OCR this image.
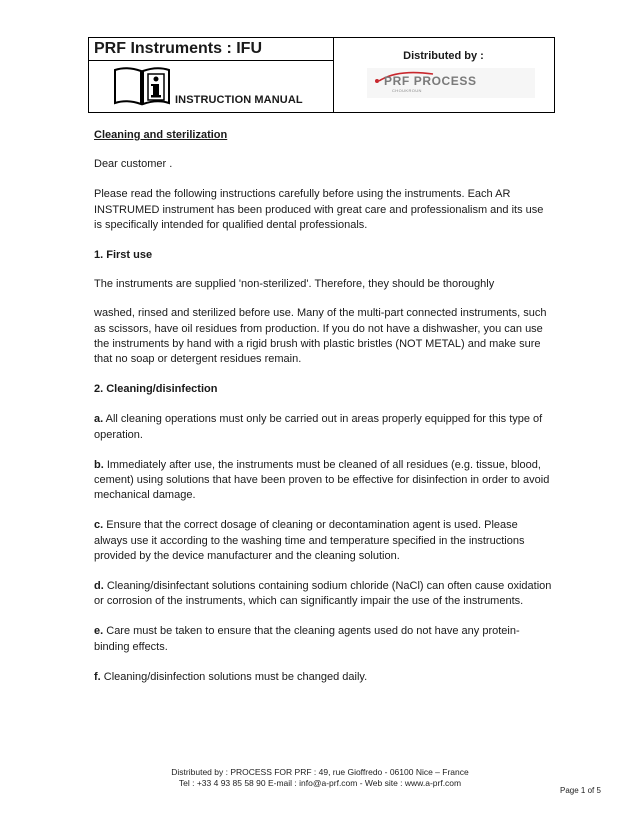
PRF Instruments : IFU
INSTRUCTION MANUAL
Distributed by :
PRF PROCESS
CHOUKROUN

Cleaning and sterilization

Dear customer .

Please read the following instructions carefully before using the instruments. Each AR INSTRUMED instrument has been produced with great care and professionalism and its use is specifically intended for qualified dental professionals.

1. First use

The instruments are supplied 'non-sterilized'. Therefore, they should be thoroughly

washed, rinsed and sterilized before use. Many of the multi-part connected instruments, such as scissors, have oil residues from production. If you do not have a dishwasher, you can use the instruments by hand with a rigid brush with plastic bristles (NOT METAL) and make sure that no soap or detergent residues remain.

2. Cleaning/disinfection

a. All cleaning operations must only be carried out in areas properly equipped for this type of operation.

b. Immediately after use, the instruments must be cleaned of all residues (e.g. tissue, blood, cement) using solutions that have been proven to be effective for disinfection in order to avoid mechanical damage.

c. Ensure that the correct dosage of cleaning or decontamination agent is used. Please always use it according to the washing time and temperature specified in the instructions provided by the device manufacturer and the cleaning solution.

d. Cleaning/disinfectant solutions containing sodium chloride (NaCl) can often cause oxidation or corrosion of the instruments, which can significantly impair the use of the instruments.

e. Care must be taken to ensure that the cleaning agents used do not have any protein-binding effects.

f. Cleaning/disinfection solutions must be changed daily.

Distributed by : PROCESS FOR PRF : 49, rue Gioffredo - 06100 Nice – France
Tel : +33 4 93 85 58 90 E-mail : info@a-prf.com - Web site : www.a-prf.com
Page 1 of 5
